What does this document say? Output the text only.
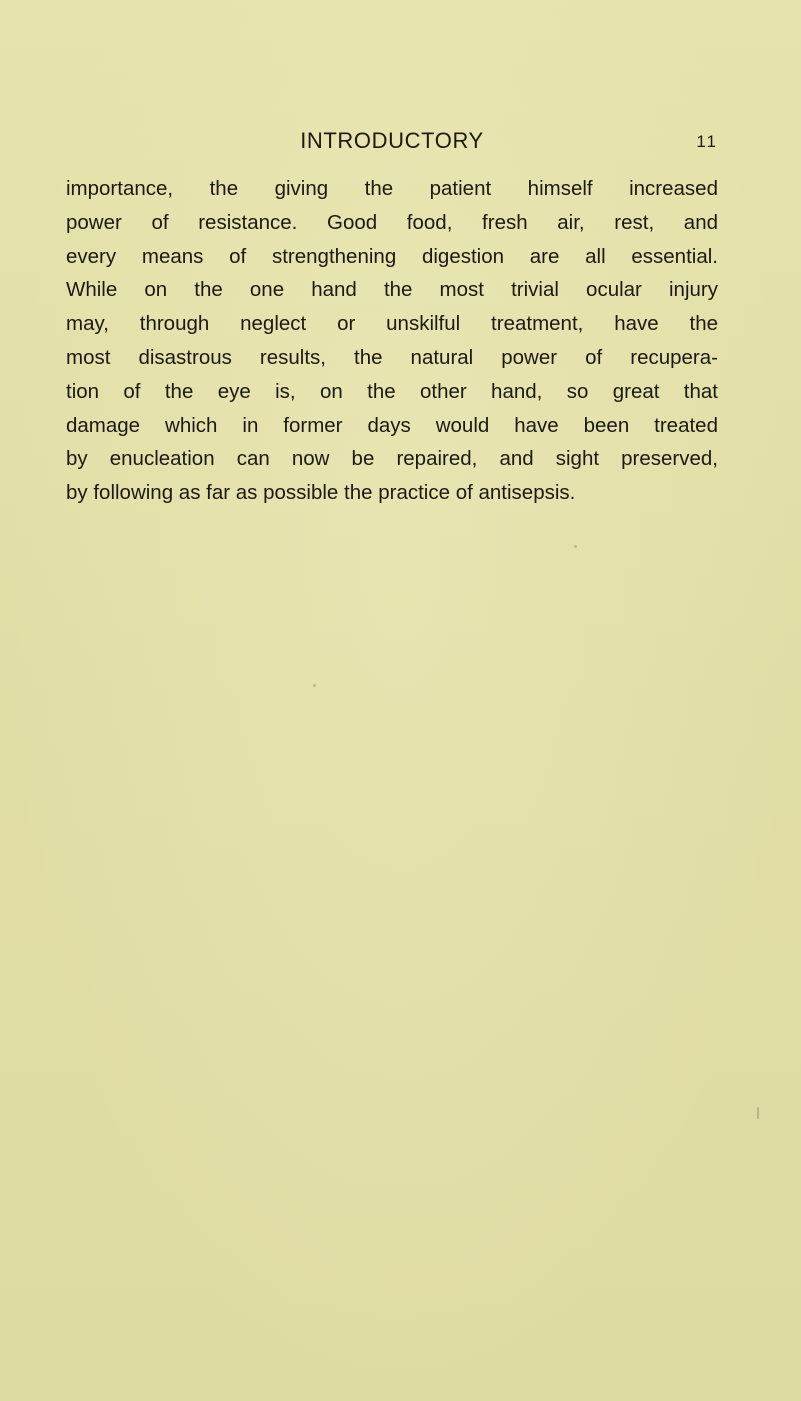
INTRODUCTORY	11
importance, the giving the patient himself increased
power of resistance. Good food, fresh air, rest, and
every means of strengthening digestion are all essential.
While on the one hand the most trivial ocular injury
may, through neglect or unskilful treatment, have the
most disastrous results, the natural power of recupera-
tion of the eye is, on the other hand, so great that
damage which in former days would have been treated
by enucleation can now be repaired, and sight preserved,
by following as far as possible the practice of antisepsis.
